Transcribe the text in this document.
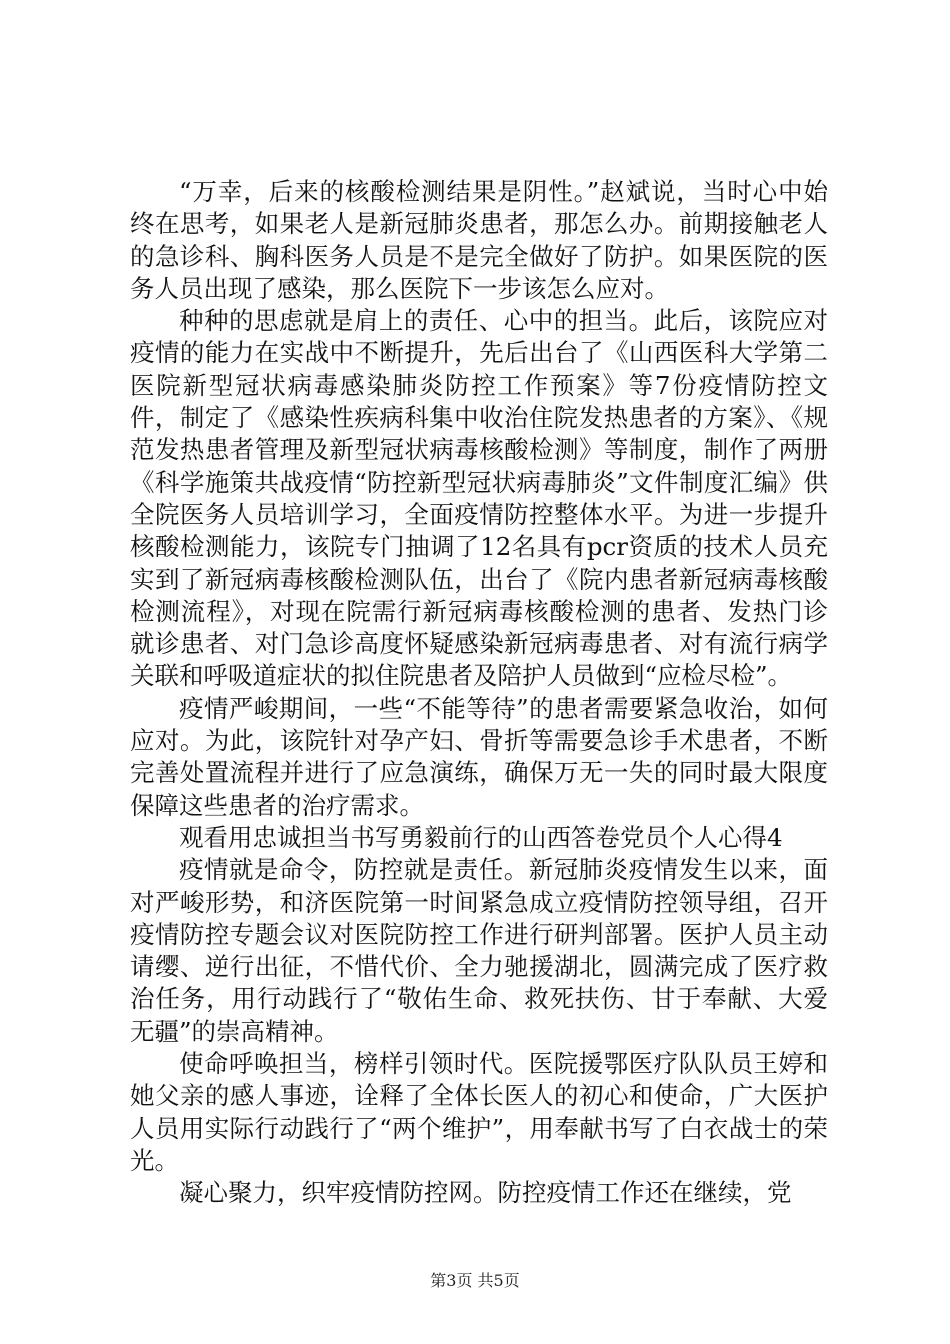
“万幸，后来的核酸检测结果是阴性。”赵斌说，当时心中始终在思考，如果老人是新冠肺炎患者，那怎么办。前期接触老人的急诊科、胸科医务人员是不是完全做好了防护。如果医院的医务人员出现了感染，那么医院下一步该怎么应对。

种种的思虑就是肩上的责任、心中的担当。此后，该院应对疫情的能力在实战中不断提升，先后出台了《山西医科大学第二医院新型冠状病毒感染肺炎防控工作预案》等7份疫情防控文件，制定了《感染性疾病科集中收治住院发热患者的方案》、《规范发热患者管理及新型冠状病毒核酸检测》等制度，制作了两册《科学施策共战疫情“防控新型冠状病毒肺炎”文件制度汇编》供全院医务人员培训学习，全面疫情防控整体水平。为进一步提升核酸检测能力，该院专门抽调了12名具有pcr资质的技术人员充实到了新冠病毒核酸检测队伍，出台了《院内患者新冠病毒核酸检测流程》，对现在院需行新冠病毒核酸检测的患者、发热门诊就诊患者、对门急诊高度怀疑感染新冠病毒患者、对有流行病学关联和呼吸道症状的拟住院患者及陪护人员做到“应检尽检”。

疫情严峻期间，一些“不能等待”的患者需要紧急收治，如何应对。为此，该院针对孕产妇、骨折等需要急诊手术患者，不断完善处置流程并进行了应急演练，确保万无一失的同时最大限度保障这些患者的治疗需求。

观看用忠诚担当书写勇毅前行的山西答卷党员个人心得4

疫情就是命令，防控就是责任。新冠肺炎疫情发生以来，面对严峻形势，和济医院第一时间紧急成立疫情防控领导组，召开疫情防控专题会议对医院防控工作进行研判部署。医护人员主动请缨、逆行出征，不惜代价、全力驰援湖北，圆满完成了医疗救治任务，用行动践行了“敬佑生命、救死扶伤、甘于奉献、大爱无疆”的崇高精神。

使命呼唤担当，榜样引领时代。医院援鄂医疗队队员王婷和她父亲的感人事迹，诠释了全体长医人的初心和使命，广大医护人员用实际行动践行了“两个维护”，用奉献书写了白衣战士的荣光。

凝心聚力，织牢疫情防控网。防控疫情工作还在继续，党

第3页 共5页
